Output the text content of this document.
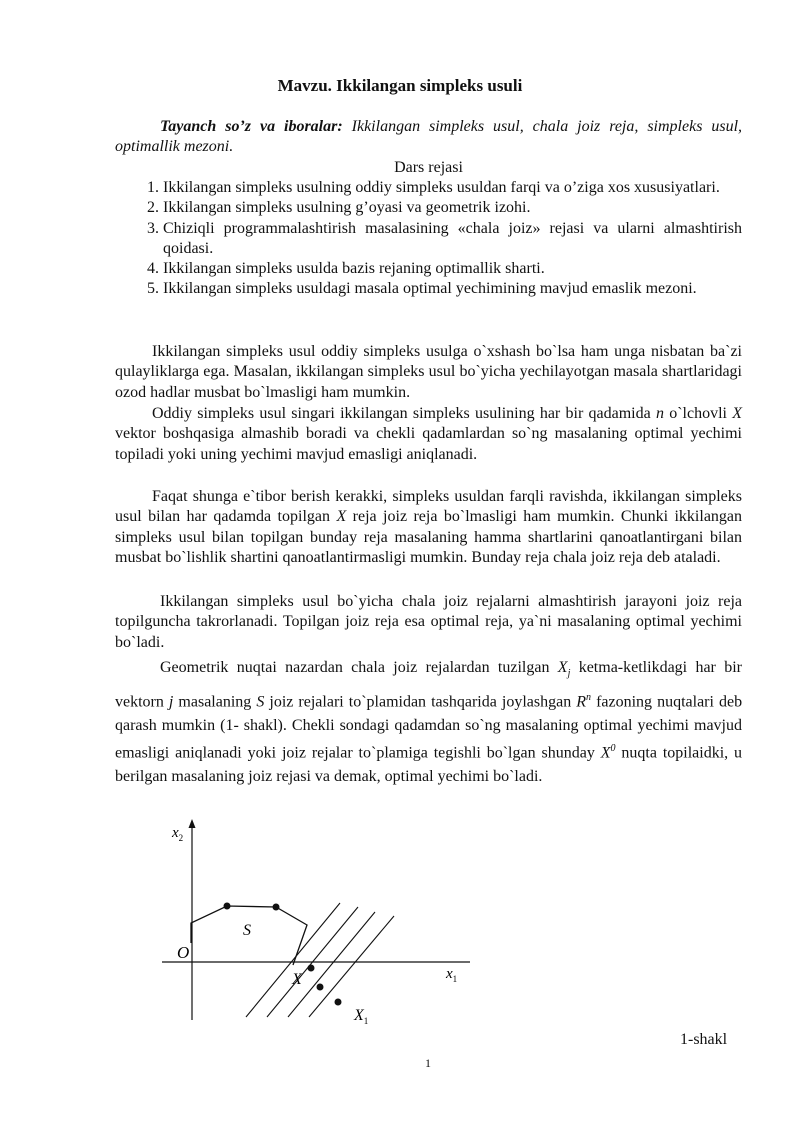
Mavzu. Ikkilangan simpleks usuli
Tayanch so’z va iboralar: Ikkilangan simpleks usul, chala joiz reja, simpleks usul, optimallik mezoni.
Dars rejasi
1. Ikkilangan simpleks usulning oddiy simpleks usuldan farqi va o’ziga xos xususiyatlari.
2. Ikkilangan simpleks usulning g’oyasi va geometrik izohi.
3. Chiziqli programmalashtirish masalasining «chala joiz» rejasi va ularni almashtirish qoidasi.
4. Ikkilangan simpleks usulda bazis rejaning optimallik sharti.
5. Ikkilangan simpleks usuldagi masala optimal yechimining mavjud emaslik mezoni.
Ikkilangan simpleks usul oddiy simpleks usulga o`xshash bo`lsa ham unga nisbatan ba`zi qulayliklarga ega. Masalan, ikkilangan simpleks usul bo`yicha yechilayotgan masala shartlaridagi ozod hadlar musbat bo`lmasligi ham mumkin.
Oddiy simpleks usul singari ikkilangan simpleks usulining har bir qadamida n o`lchovli X vektor boshqasiga almashib boradi va chekli qadamlardan so`ng masalaning optimal yechimi topiladi yoki uning yechimi mavjud emasligi aniqlanadi.
Faqat shunga e`tibor berish kerakki, simpleks usuldan farqli ravishda, ikkilangan simpleks usul bilan har qadamda topilgan X reja joiz reja bo`lmasligi ham mumkin. Chunki ikkilangan simpleks usul bilan topilgan bunday reja masalaning hamma shartlarini qanoatlantirgani bilan musbat bo`lishlik shartini qanoatlantirmasligi mumkin. Bunday reja chala joiz reja deb ataladi.
Ikkilangan simpleks usul bo`yicha chala joiz rejalarni almashtirish jarayoni joiz reja topilguncha takrorlanadi. Topilgan joiz reja esa optimal reja, ya`ni masalaning optimal yechimi bo`ladi.
Geometrik nuqtai nazardan chala joiz rejalardan tuzilgan $X_j$ ketma-ketlikdagi har bir vektorn j masalaning S joiz rejalari to`plamidan tashqarida joylashgan $R^n$ fazoning nuqtalari deb qarash mumkin (1- shakl). Chekli sondagi qadamdan so`ng masalaning optimal yechimi mavjud emasligi aniqlanadi yoki joiz rejalar to`plamiga tegishli bo`lgan shunday $X^0$ nuqta topilaidki, u berilgan masalaning joiz rejasi va demak, optimal yechimi bo`ladi.
$x_2$
$x_1$
O
S
X
$X_1$
1-shakl
1
